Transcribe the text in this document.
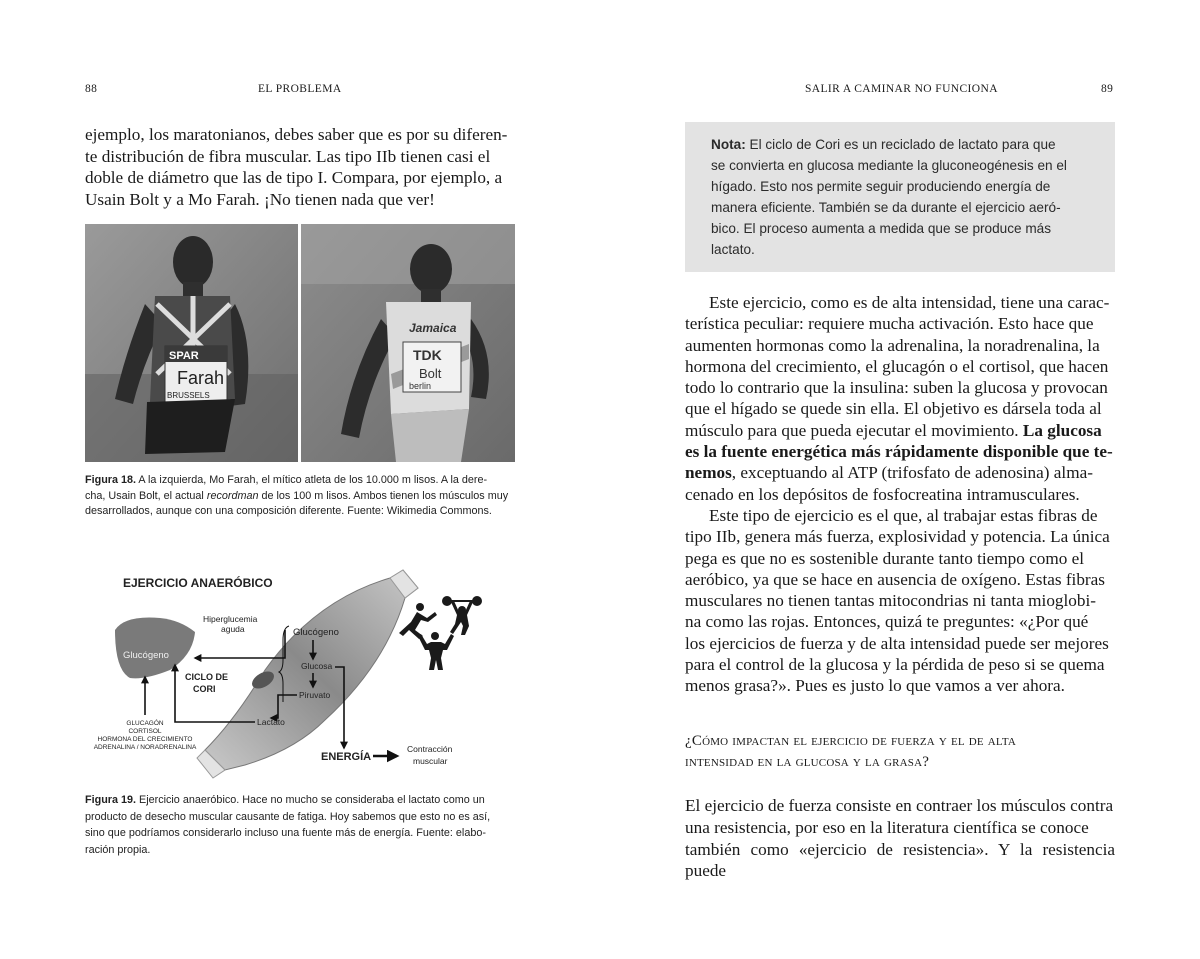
88	EL PROBLEMA

ejemplo, los maratonianos, debes saber que es por su diferen-

te distribución de fibra muscular. Las tipo IIb tienen casi el

doble de diámetro que las de tipo I. Compara, por ejemplo, a

Usain Bolt y a Mo Farah. ¡No tienen nada que ver!

SPAR
Farah
BRUSSELS
Jamaica
TDK
Bolt
berlin
Figura 18. A la izquierda, Mo Farah, el mítico atleta de los 10.000 m lisos. A la dere-
cha, Usain Bolt, el actual recordman de los 100 m lisos. Ambos tienen los músculos muy
desarrollados, aunque con una composición diferente. Fuente: Wikimedia Commons.
EJERCICIO ANAERÓBICO
Glucógeno
Hiperglucemia
aguda	Glucógeno
Glucosa
Piruvato
Lactato
CICLO DE
CORI
GLUCAGÓN
CORTISOL
HORMONA DEL CRECIMIENTO
ADRENALINA / NORADRENALINA
ENERGÍA
Contracción
muscular
Figura 19. Ejercicio anaeróbico. Hace no mucho se consideraba el lactato como un
producto de desecho muscular causante de fatiga. Hoy sabemos que esto no es así,
sino que podríamos considerarlo incluso una fuente más de energía. Fuente: elabo-
ración propia.
SALIR A CAMINAR NO FUNCIONA	89
Nota: El ciclo de Cori es un reciclado de lactato para que
se convierta en glucosa mediante la gluconeogénesis en el
hígado. Esto nos permite seguir produciendo energía de
manera eficiente. También se da durante el ejercicio aeró-
bico. El proceso aumenta a medida que se produce más
lactato.

Este ejercicio, como es de alta intensidad, tiene una carac-

terística peculiar: requiere mucha activación. Esto hace que

aumenten hormonas como la adrenalina, la noradrenalina, la

hormona del crecimiento, el glucagón o el cortisol, que hacen

todo lo contrario que la insulina: suben la glucosa y provocan

que el hígado se quede sin ella. El objetivo es dársela toda al

músculo para que pueda ejecutar el movimiento. La glucosa

es la fuente energética más rápidamente disponible que te-

nemos, exceptuando al ATP (trifosfato de adenosina) alma-

cenado en los depósitos de fosfocreatina intramusculares.

Este tipo de ejercicio es el que, al trabajar estas fibras de

tipo IIb, genera más fuerza, explosividad y potencia. La única

pega es que no es sostenible durante tanto tiempo como el

aeróbico, ya que se hace en ausencia de oxígeno. Estas fibras

musculares no tienen tantas mitocondrias ni tanta mioglobi-

na como las rojas. Entonces, quizá te preguntes: «¿Por qué

los ejercicios de fuerza y de alta intensidad puede ser mejores

para el control de la glucosa y la pérdida de peso si se quema

menos grasa?». Pues es justo lo que vamos a ver ahora.

¿Cómo impactan el ejercicio de fuerza y el de alta
intensidad en la glucosa y la grasa?

El ejercicio de fuerza consiste en contraer los músculos contra

una resistencia, por eso en la literatura científica se conoce

también como «ejercicio de resistencia». Y la resistencia puede
